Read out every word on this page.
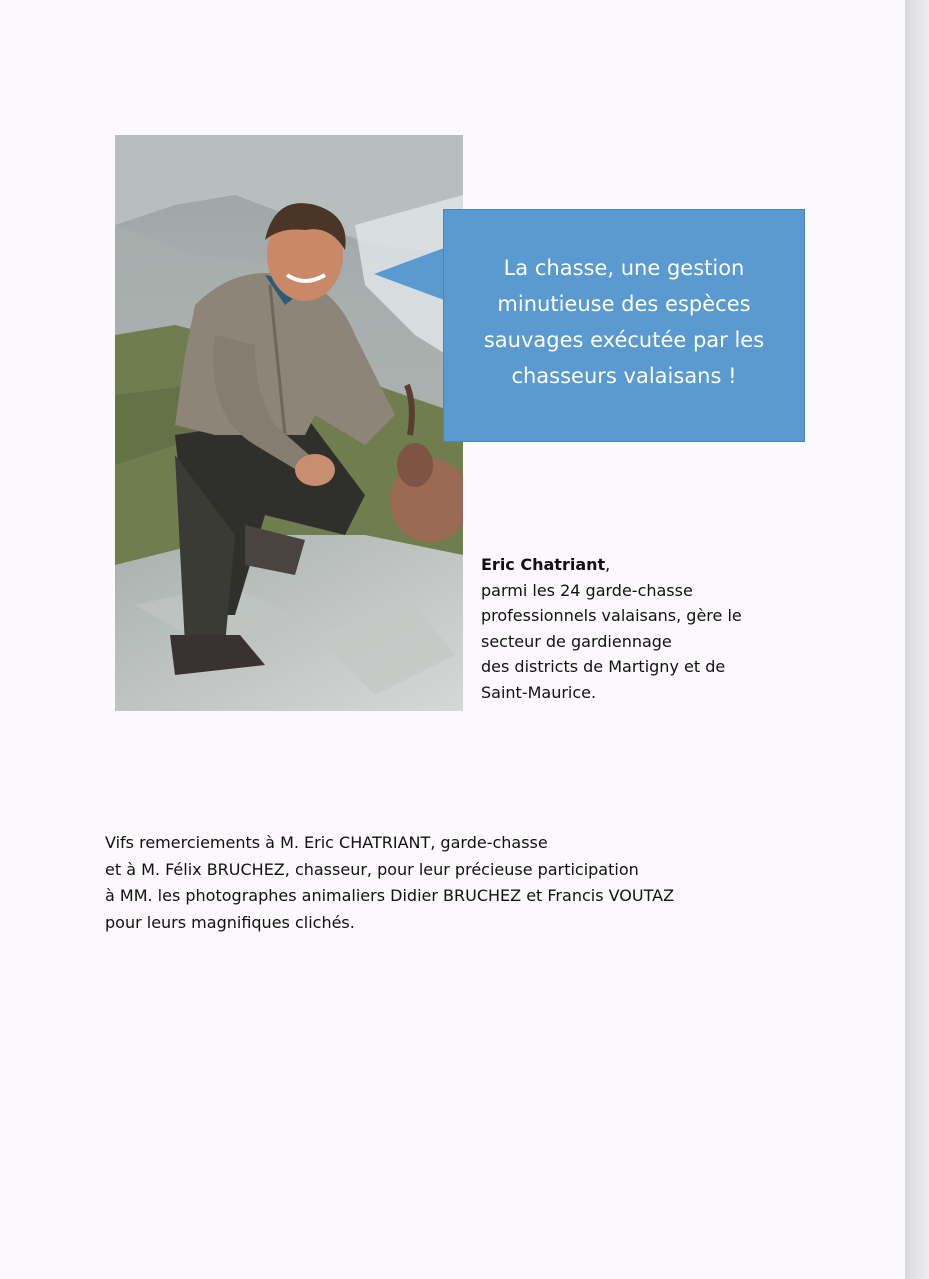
La chasse, une gestion
minutieuse des espèces
sauvages exécutée par les
chasseurs valaisans !
Eric Chatriant,
parmi les 24 garde-chasse
professionnels valaisans, gère le
secteur de gardiennage
des districts de Martigny et de
Saint-Maurice.
Vifs remerciements à M. Eric CHATRIANT, garde-chasse
et à M. Félix BRUCHEZ, chasseur, pour leur précieuse participation
à MM. les photographes animaliers Didier BRUCHEZ et Francis VOUTAZ
pour leurs magnifiques clichés.
